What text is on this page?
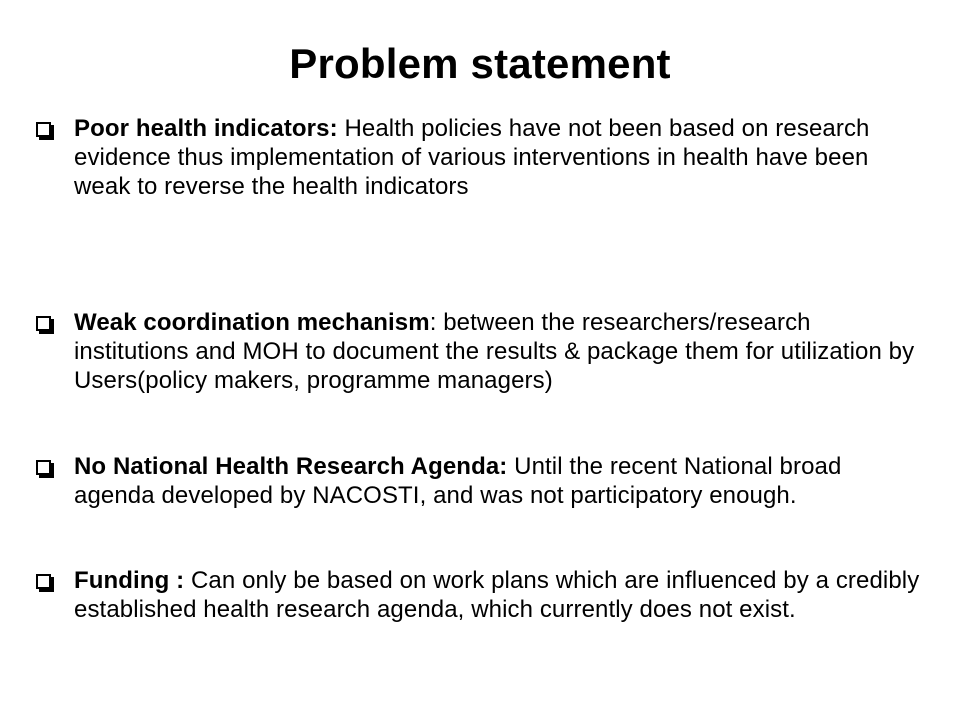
Problem statement
Poor health indicators: Health policies have not been based on research evidence thus implementation of various interventions in health have been weak to reverse the health indicators
Weak coordination mechanism: between the researchers/research institutions and MOH to document the results & package them for utilization by Users(policy makers, programme managers)
No National Health Research Agenda: Until the recent National broad agenda developed by NACOSTI, and was not participatory enough.
Funding : Can only be based on work plans which are influenced by a credibly established health research agenda, which currently does not exist.
